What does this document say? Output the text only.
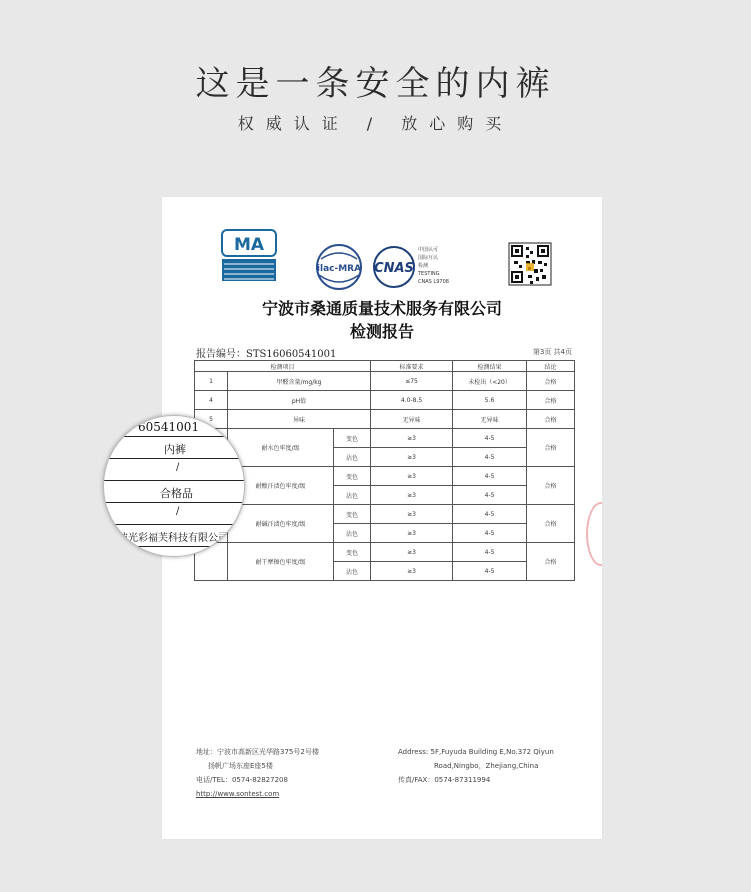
这是一条安全的内裤
权威认证 / 放心购买
MA
ilac-MRA CNAS
中国认可
国际互认
检测
TESTING
CNAS L9708
宁波市桑通质量技术服务有限公司
检测报告
报告编号：STS16060541001	第3页 共4页
检测项目			标准要求	检测结果	结论
1	甲醛含量/mg/kg		≤75	未检出（<20）	合格
4	pH值		4.0-8.5	5.6	合格
5	异味		无异味	无异味	合格
	耐水色牢度/级	变色	≥3	4-5	合格
		沾色	≥3	4-5	
	耐酸汗渍色牢度/级	变色	≥3	4-5	合格
		沾色	≥3	4-5	
	耐碱汗渍色牢度/级	变色	≥3	4-5	合格
		沾色	≥3	4-5	
	耐干摩擦色牢度/级	变色	≥3	4-5	合格
		沾色	≥3	4-5	
地址：宁波市高新区光华路375号2号楼
扬帆广场东座E座5楼
电话/TEL：0574-82827208
http://www.sontest.com
Address: 5F,Fuyuda Building E,No.372 Qiyun
Road,Ningbo，Zhejiang,China
传真/FAX：0574-87311994
60541001
内裤
/
合格品
/
宁波光彩福芙科技有限公司
